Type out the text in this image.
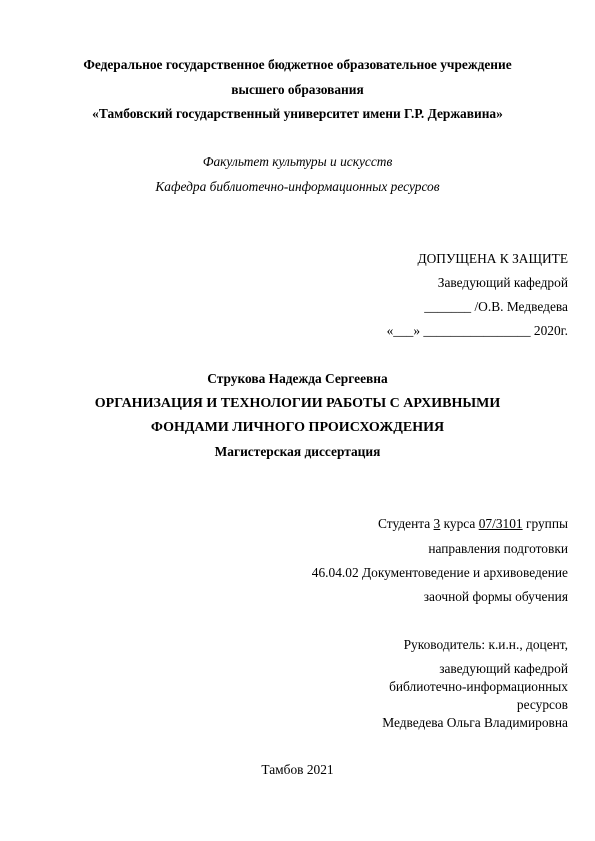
Федеральное государственное бюджетное образовательное учреждение
высшего образования
«Тамбовский государственный университет имени Г.Р. Державина»
Факультет культуры и искусств
Кафедра библиотечно-информационных ресурсов
ДОПУЩЕНА К ЗАЩИТЕ
Заведующий кафедрой
_______ /О.В. Медведева
«___» ________________ 2020г.
Струкова Надежда Сергеевна
ОРГАНИЗАЦИЯ И ТЕХНОЛОГИИ РАБОТЫ С АРХИВНЫМИ
ФОНДАМИ ЛИЧНОГО ПРОИСХОЖДЕНИЯ
Магистерская диссертация
Студента 3 курса 07/3101 группы
направления подготовки
46.04.02 Документоведение и архивоведение
заочной формы обучения
Руководитель: к.и.н., доцент,
заведующий кафедрой
библиотечно-информационных
ресурсов
Медведева Ольга Владимировна
Тамбов 2021
